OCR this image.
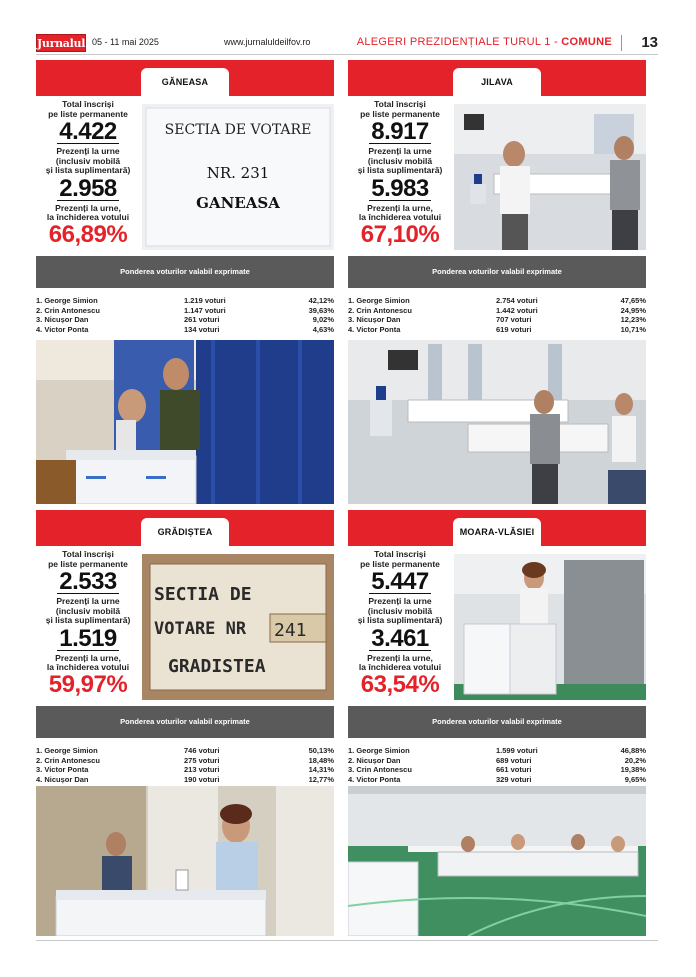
Jurnalul 05 - 11 mai 2025	www.jurnaluldeilfov.ro	ALEGERI PREZIDENȚIALE TURUL 1 - COMUNE 13
GĂNEASA
Total înscriși
pe liste permanente
4.422
Prezenți la urne
(inclusiv mobilă
și lista suplimentară)
2.958
Prezenți la urne,
la închiderea votului
66,89%
SECTIA DE VOTARE
NR. 231
GANEASA
Ponderea voturilor valabil exprimate
1. George Simion	1.219 voturi	42,12%
2. Crin Antonescu	1.147 voturi	39,63%
3. Nicușor Dan	261 voturi	9,02%
4. Victor Ponta	134 voturi	4,63%
JILAVA
Total înscriși
pe liste permanente
8.917
Prezenți la urne
(inclusiv mobilă
și lista suplimentară)
5.983
Prezenți la urne,
la închiderea votului
67,10%
Ponderea voturilor valabil exprimate
1. George Simion	2.754 voturi	47,65%
2. Crin Antonescu	1.442 voturi	24,95%
3. Nicușor Dan	707 voturi	12,23%
4. Victor Ponta	619 voturi	10,71%
GRĂDIȘTEA
Total înscriși
pe liste permanente
2.533
Prezenți la urne
(inclusiv mobilă
și lista suplimentară)
1.519
Prezenți la urne,
la închiderea votului
59,97%
SECTIA DE
VOTARE NR 241
GRADISTEA
Ponderea voturilor valabil exprimate
1. George Simion	746 voturi	50,13%
2. Crin Antonescu	275 voturi	18,48%
3. Victor Ponta	213 voturi	14,31%
4. Nicușor Dan	190 voturi	12,77%
MOARA-VLĂSIEI
Total înscriși
pe liste permanente
5.447
Prezenți la urne
(inclusiv mobilă
și lista suplimentară)
3.461
Prezenți la urne,
la închiderea votului
63,54%
Ponderea voturilor valabil exprimate
1. George Simion	1.599 voturi	46,88%
2. Nicușor Dan	689 voturi	20,2%
3. Crin Antonescu	661 voturi	19,38%
4. Victor Ponta	329 voturi	9,65%
